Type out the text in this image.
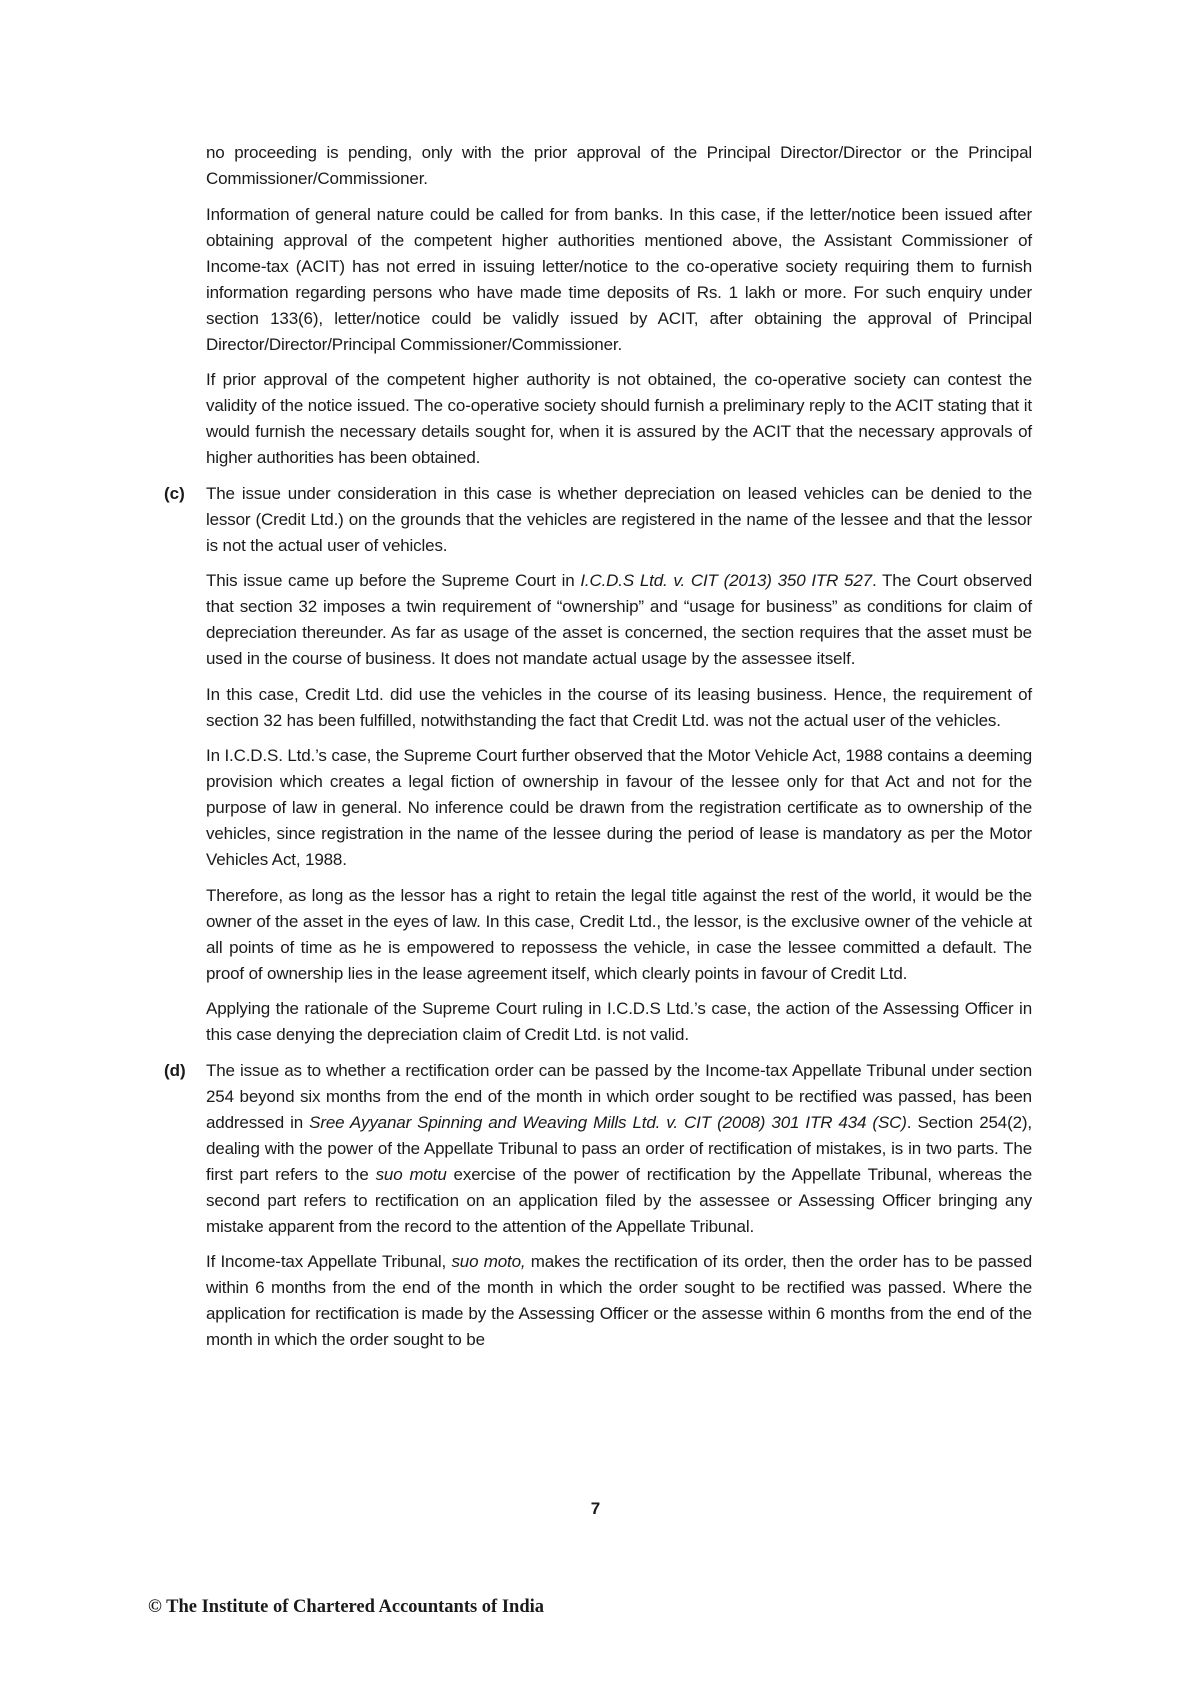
no proceeding is pending, only with the prior approval of the Principal Director/Director or the Principal Commissioner/Commissioner.

Information of general nature could be called for from banks. In this case, if the letter/notice been issued after obtaining approval of the competent higher authorities mentioned above, the Assistant Commissioner of Income-tax (ACIT) has not erred in issuing letter/notice to the co-operative society requiring them to furnish information regarding persons who have made time deposits of Rs. 1 lakh or more. For such enquiry under section 133(6), letter/notice could be validly issued by ACIT, after obtaining the approval of Principal Director/Director/Principal Commissioner/Commissioner.

If prior approval of the competent higher authority is not obtained, the co-operative society can contest the validity of the notice issued. The co-operative society should furnish a preliminary reply to the ACIT stating that it would furnish the necessary details sought for, when it is assured by the ACIT that the necessary approvals of higher authorities has been obtained.

(c) The issue under consideration in this case is whether depreciation on leased vehicles can be denied to the lessor (Credit Ltd.) on the grounds that the vehicles are registered in the name of the lessee and that the lessor is not the actual user of vehicles.

This issue came up before the Supreme Court in I.C.D.S Ltd. v. CIT (2013) 350 ITR 527. The Court observed that section 32 imposes a twin requirement of “ownership” and “usage for business” as conditions for claim of depreciation thereunder. As far as usage of the asset is concerned, the section requires that the asset must be used in the course of business. It does not mandate actual usage by the assessee itself.

In this case, Credit Ltd. did use the vehicles in the course of its leasing business. Hence, the requirement of section 32 has been fulfilled, notwithstanding the fact that Credit Ltd. was not the actual user of the vehicles.

In I.C.D.S. Ltd.’s case, the Supreme Court further observed that the Motor Vehicle Act, 1988 contains a deeming provision which creates a legal fiction of ownership in favour of the lessee only for that Act and not for the purpose of law in general. No inference could be drawn from the registration certificate as to ownership of the vehicles, since registration in the name of the lessee during the period of lease is mandatory as per the Motor Vehicles Act, 1988.

Therefore, as long as the lessor has a right to retain the legal title against the rest of the world, it would be the owner of the asset in the eyes of law. In this case, Credit Ltd., the lessor, is the exclusive owner of the vehicle at all points of time as he is empowered to repossess the vehicle, in case the lessee committed a default. The proof of ownership lies in the lease agreement itself, which clearly points in favour of Credit Ltd.

Applying the rationale of the Supreme Court ruling in I.C.D.S Ltd.’s case, the action of the Assessing Officer in this case denying the depreciation claim of Credit Ltd. is not valid.

(d) The issue as to whether a rectification order can be passed by the Income-tax Appellate Tribunal under section 254 beyond six months from the end of the month in which order sought to be rectified was passed, has been addressed in Sree Ayyanar Spinning and Weaving Mills Ltd. v. CIT (2008) 301 ITR 434 (SC). Section 254(2), dealing with the power of the Appellate Tribunal to pass an order of rectification of mistakes, is in two parts. The first part refers to the suo motu exercise of the power of rectification by the Appellate Tribunal, whereas the second part refers to rectification on an application filed by the assessee or Assessing Officer bringing any mistake apparent from the record to the attention of the Appellate Tribunal.

If Income-tax Appellate Tribunal, suo moto, makes the rectification of its order, then the order has to be passed within 6 months from the end of the month in which the order sought to be rectified was passed. Where the application for rectification is made by the Assessing Officer or the assesse within 6 months from the end of the month in which the order sought to be

7
© The Institute of Chartered Accountants of India
